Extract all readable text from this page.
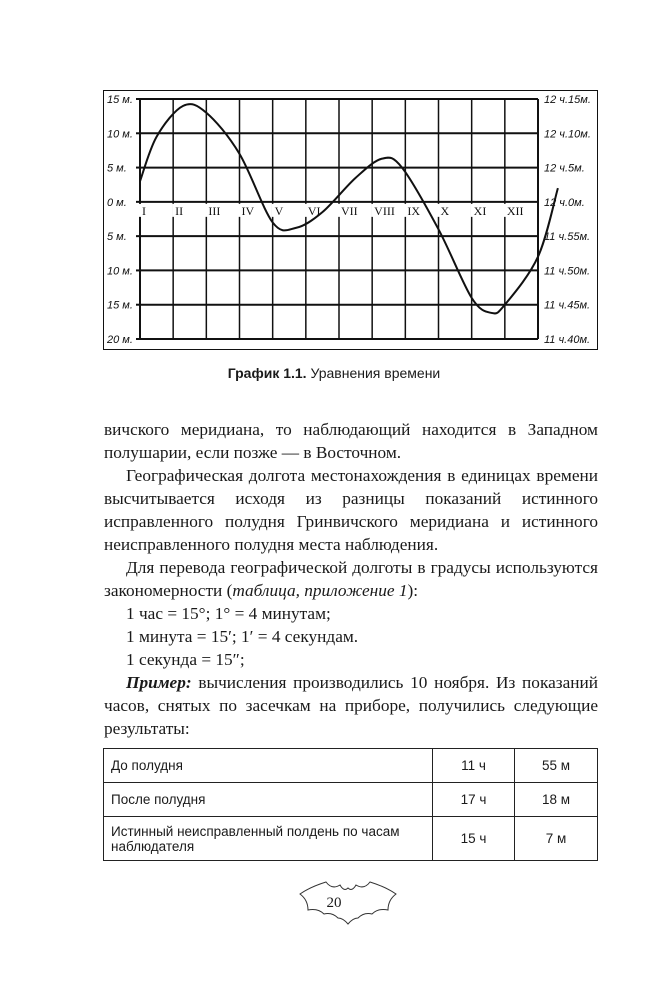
15 м.	12 ч.15м.
10 м.	12 ч.10м.
5 м.	12 ч.5м.
0 м.	12 ч.0м.
5 м.	11 ч.55м.
10 м.	11 ч.50м.
15 м.	11 ч.45м.
20 м.	11 ч.40м.
I II III IV V VI VII VIII IX X XI XII
График 1.1. Уравнения времени

вичского меридиана, то наблюдающий находится в Западном полушарии, если позже — в Восточном.

Географическая долгота местонахождения в единицах времени высчитывается исходя из разницы показаний истинного исправленного полудня Гринвичского меридиана и истинного неисправленного полудня места наблюдения.

Для перевода географической долготы в градусы используются закономерности (таблица, приложение 1):

1 час = 15°; 1° = 4 минутам;

1 минута = 15′; 1′ = 4 секундам.

1 секунда = 15″;

Пример: вычисления производились 10 ноября. Из показаний часов, снятых по засечкам на приборе, получились следующие результаты:

До полудня	11 ч	55 м
После полудня	17 ч	18 м
Истинный неисправленный полдень по часам наблюдателя	15 ч	7 м
20
